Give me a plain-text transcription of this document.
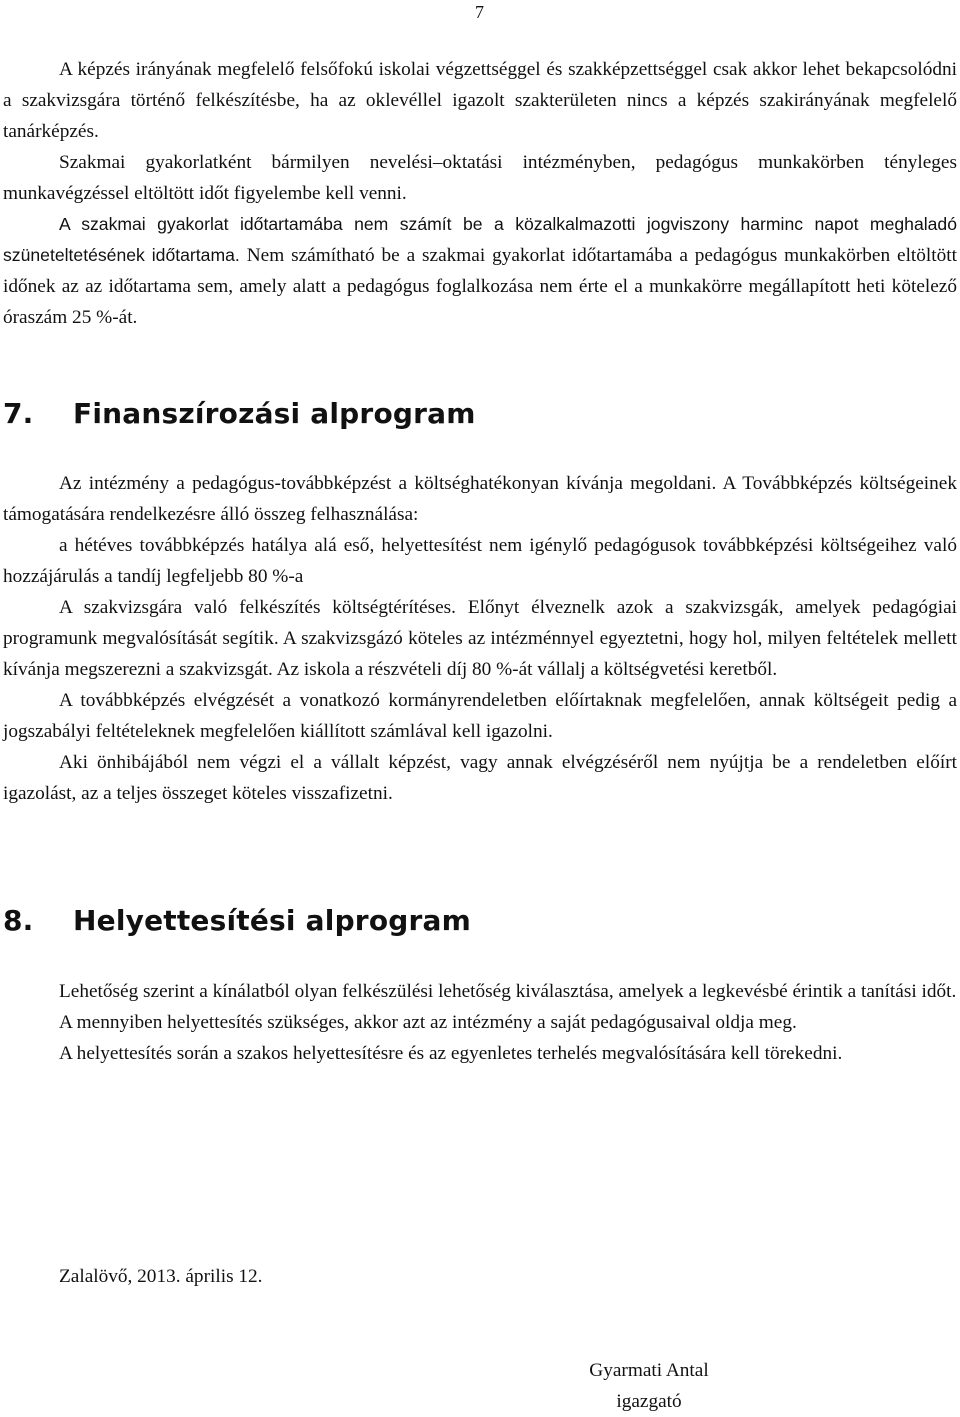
7

A képzés irányának megfelelő felsőfokú iskolai végzettséggel és szakképzettséggel csak akkor lehet bekapcsolódni a szakvizsgára történő felkészítésbe, ha az oklevéllel igazolt szakterületen nincs a képzés szakirányának megfelelő tanárképzés.

Szakmai gyakorlatként bármilyen nevelési–oktatási intézményben, pedagógus munkakörben tényleges munkavégzéssel eltöltött időt figyelembe kell venni.

A szakmai gyakorlat időtartamába nem számít be a közalkalmazotti jogviszony harminc napot meghaladó szüneteltetésének időtartama. Nem számítható be a szakmai gyakorlat időtartamába a pedagógus munkakörben eltöltött időnek az az időtartama sem, amely alatt a pedagógus foglalkozása nem érte el a munkakörre megállapított heti kötelező óraszám 25 %-át.

7. Finanszírozási alprogram

Az intézmény a pedagógus-továbbképzést a költséghatékonyan kívánja megoldani. A Továbbképzés költségeinek támogatására rendelkezésre álló összeg felhasználása:

a hétéves továbbképzés hatálya alá eső, helyettesítést nem igénylő pedagógusok továbbképzési költségeihez való hozzájárulás a tandíj legfeljebb 80 %-a

A szakvizsgára való felkészítés költségtérítéses. Előnyt élveznelk azok a szakvizsgák, amelyek pedagógiai programunk megvalósítását segítik. A szakvizsgázó köteles az intézménnyel egyeztetni, hogy hol, milyen feltételek mellett kívánja megszerezni a szakvizsgát. Az iskola a részvételi díj 80 %-át vállalj a költségvetési keretből.

A továbbképzés elvégzését a vonatkozó kormányrendeletben előírtaknak megfelelően, annak költségeit pedig a jogszabályi feltételeknek megfelelően kiállított számlával kell igazolni.

Aki önhibájából nem végzi el a vállalt képzést, vagy annak elvégzéséről nem nyújtja be a rendeletben előírt igazolást, az a teljes összeget köteles visszafizetni.

8. Helyettesítési alprogram

Lehetőség szerint a kínálatból olyan felkészülési lehetőség kiválasztása, amelyek a legkevésbé érintik a tanítási időt.

A mennyiben helyettesítés szükséges, akkor azt az intézmény a saját pedagógusaival oldja meg.

A helyettesítés során a szakos helyettesítésre és az egyenletes terhelés megvalósítására kell törekedni.

Zalalövő, 2013. április 12.
Gyarmati Antal
igazgató
